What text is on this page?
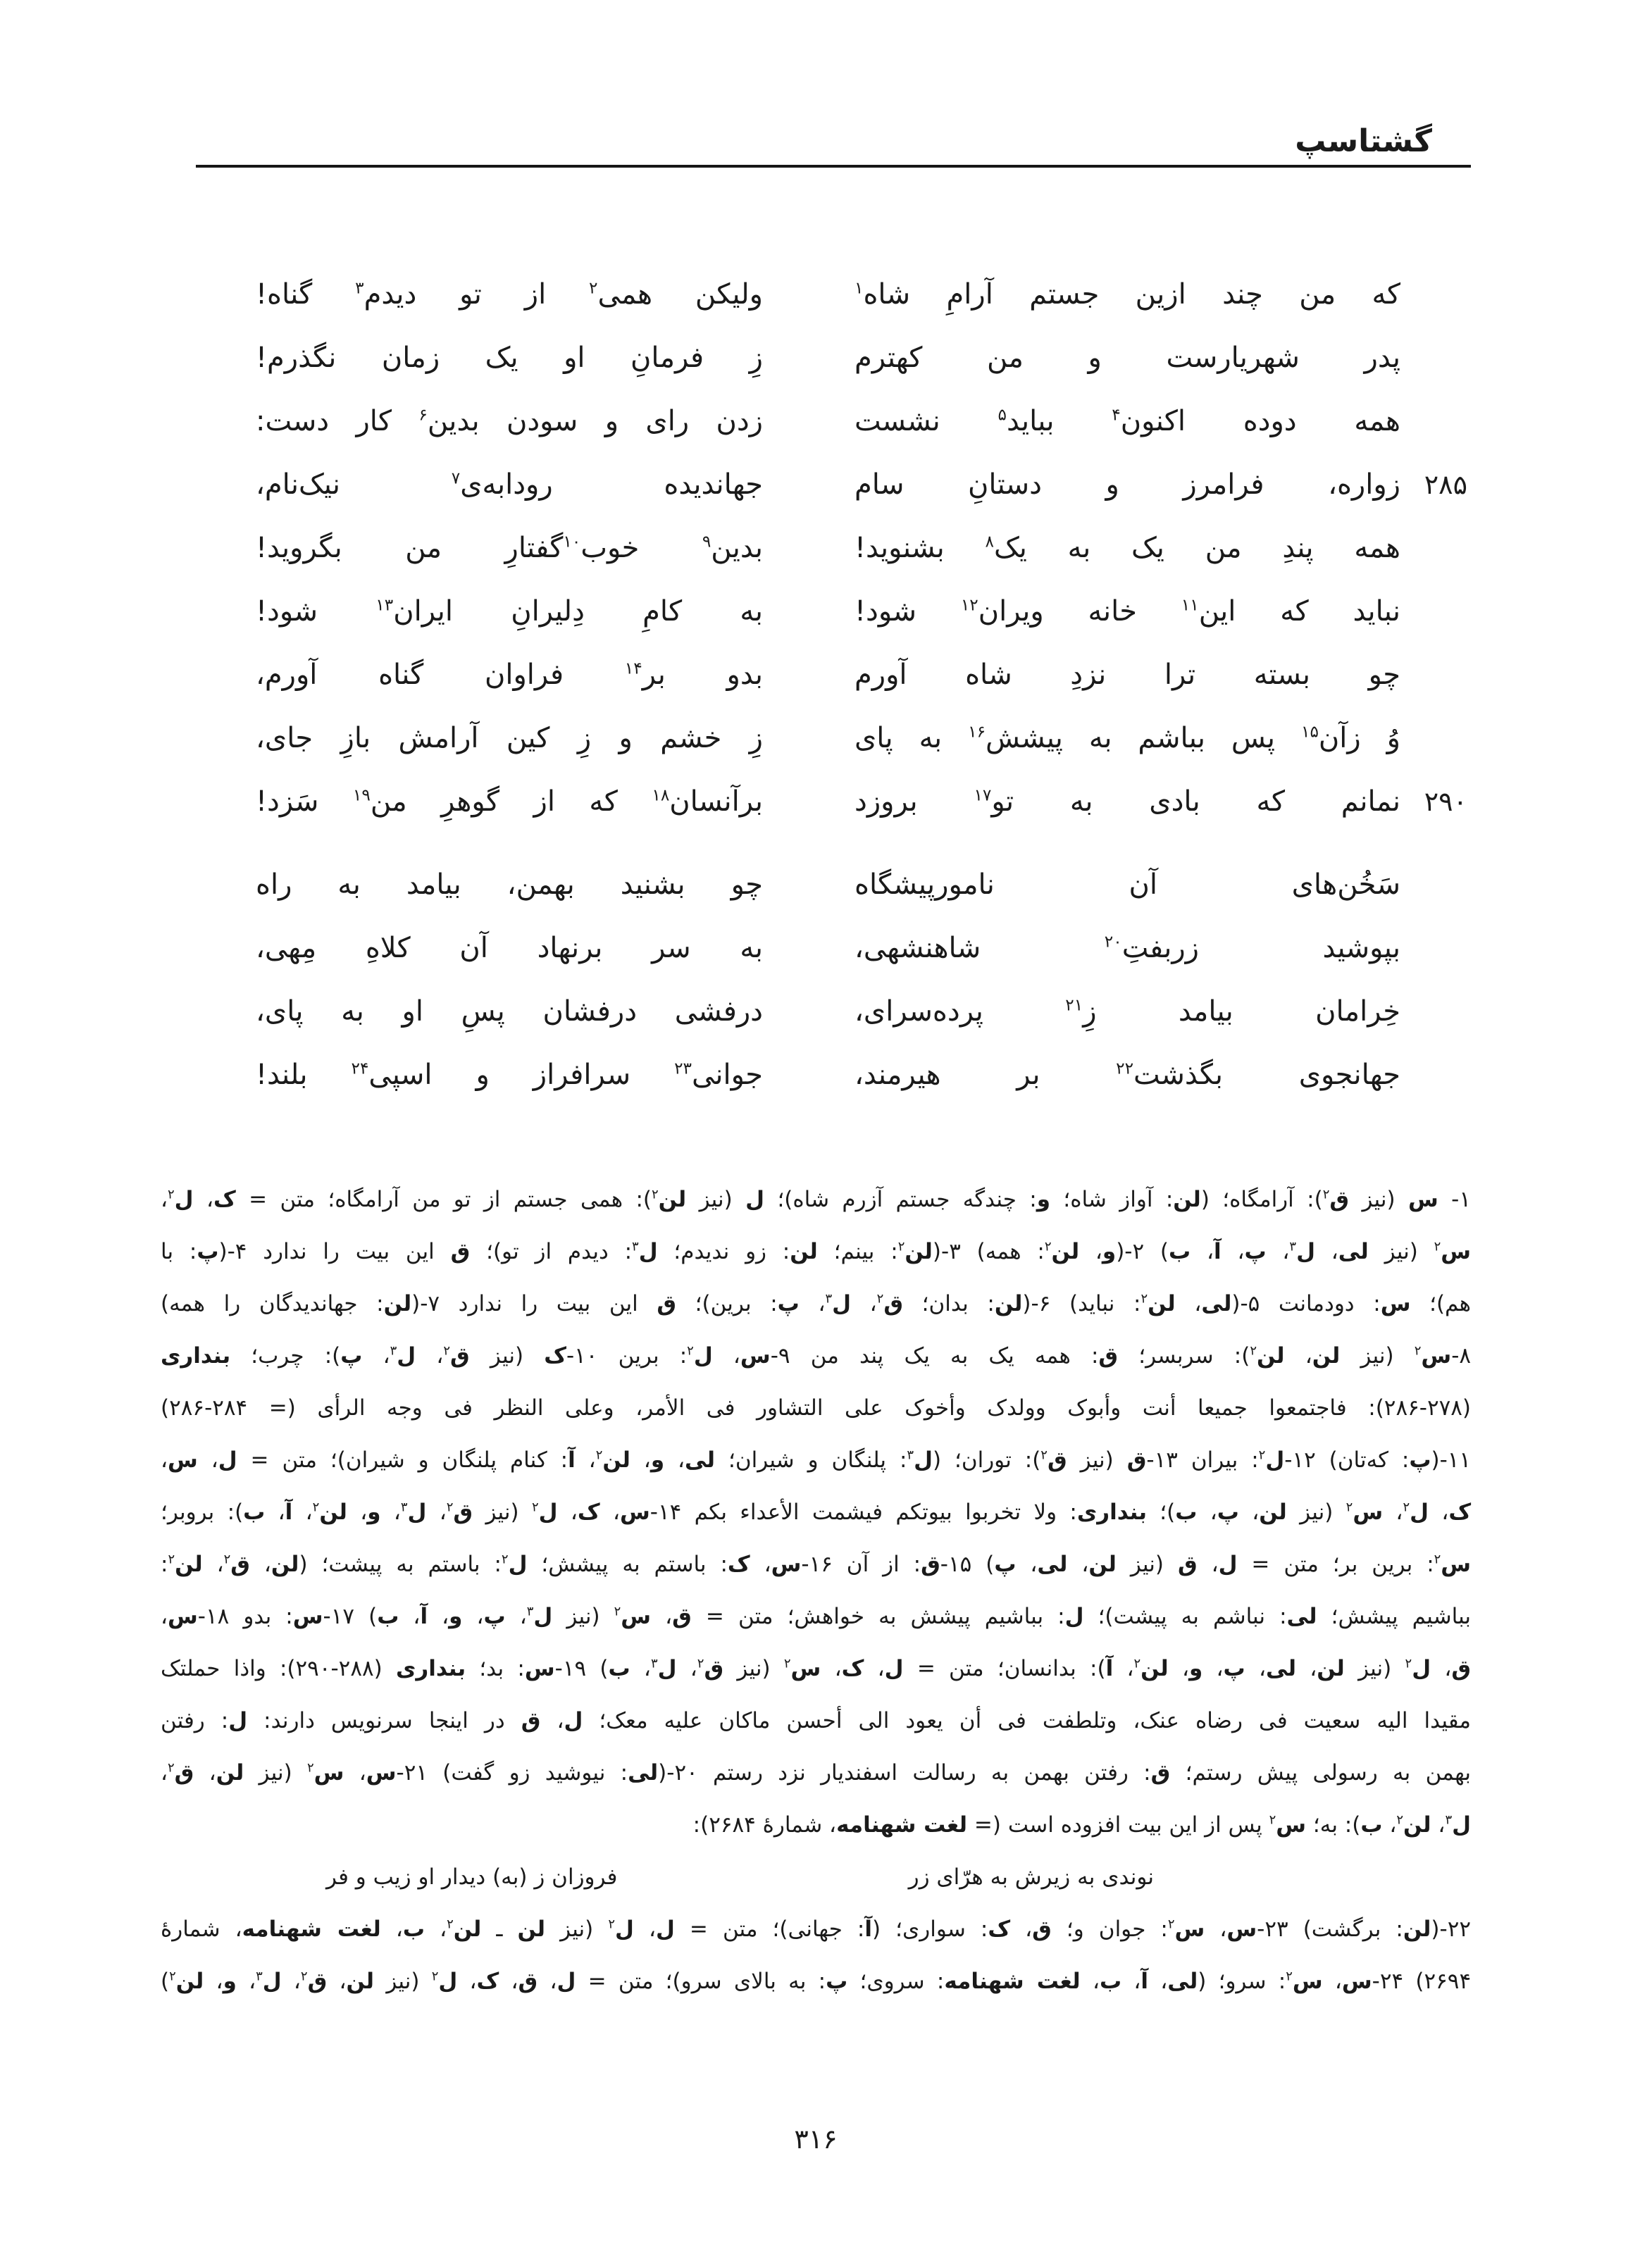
گشتاسپ
که من چند ازین جستم آرامِ شاه$^۱$
ولیکن همی$^۲$ از تو دیدم$^۳$ گناه!
پدر شهریارست و من کهترم
زِ فرمانِ او یک زمان نگذرم!
همه دوده اکنون$^۴$ بباید$^۵$ نشست
زدن رای و سودن بدین$^۶$ کار دست:
۲۸۵
زواره، فرامرز و دستانِ سام
جهاندیده رودابه‌ی$^۷$ نیک‌نام،
همه پندِ من یک به یک$^۸$ بشنوید!
بدین$^۹$ خوب$^{۱۰}$گفتارِ من بگروید!
نباید که این$^{۱۱}$ خانه ویران$^{۱۲}$ شود!
به کامِ دِلیرانِ ایران$^{۱۳}$ شود!
چو بسته ترا نزدِ شاه آورم
بدو بر$^{۱۴}$ فراوان گناه آورم،
وُ زآن$^{۱۵}$ پس بباشم به پیشش$^{۱۶}$ به پای
زِ خشم و زِ کین آرامش بازِ جای،
۲۹۰
نمانم که بادی به تو$^{۱۷}$ بروزد
برآنسان$^{۱۸}$ که از گوهرِ من$^{۱۹}$ سَزد!
سَخُن‌های آن نامورپیشگاه
چو بشنید بهمن، بیامد به راه
بپوشید زربفتِ$^{۲۰}$ شاهنشهی،
به سر برنهاد آن کلاهِ مِهی،
خِرامان بیامد زِ$^{۲۱}$ پرده‌سرای،
درفشی درفشان پسِ او به پای،
جهانجوی بگذشت$^{۲۲}$ بر هیرمند،
جوانی$^{۲۳}$ سرافراز و اسپی$^{۲۴}$ بلند!
۱- س (نیز ق$^۲$): آرامگاه؛ (لن: آواز شاه؛ و: چندگه جستم آزرم شاه)؛ ل (نیز لن$^۲$): همی جستم از تو من آرامگاه؛ متن = ک، ل$^۲$،
س$^۲$ (نیز لی، ل$^۳$، پ، آ، ب) ۲-(و، لن$^۲$: همه) ۳-(لن$^۲$: بینم؛ لن: زو ندیدم؛ ل$^۳$: دیدم از تو)؛ ق این بیت را ندارد ۴-(پ: با
هم)؛ س: دودمانت ۵-(لی، لن$^۲$: نباید) ۶-(لن: بدان؛ ق$^۲$، ل$^۳$، پ: برین)؛ ق این بیت را ندارد ۷-(لن: جهاندیدگان را همه)
۸-س$^۲$ (نیز لن، لن$^۲$): سربسر؛ ق: همه یک به یک پند من ۹-س، ل$^۲$: برین ۱۰-ک (نیز ق$^۲$، ل$^۳$، پ): چرب؛ بنداری
(۲۷۸‏-‏۲۸۶): فاجتمعوا جمیعا أنت وأبوک وولدک وأخوک علی التشاور فی الأمر، وعلی النظر فی وجه الرأی (= ۲۸۴‏-‏۲۸۶)
۱۱-(پ: که‌تان) ۱۲-ل$^۲$: بیران ۱۳-ق (نیز ق$^۲$): توران؛ (ل$^۳$: پلنگان و شیران؛ لی، و، لن$^۲$، آ: کنام پلنگان و شیران)؛ متن = ل، س،
ک، ل$^۲$، س$^۲$ (نیز لن، پ، ب)؛ بنداری: ولا تخربوا بیوتکم فیشمت الأعداء بکم ۱۴-س، ک، ل$^۲$ (نیز ق$^۲$، ل$^۳$، و، لن$^۲$، آ، ب): بروبر؛
س$^۲$: برین بر؛ متن = ل، ق (نیز لن، لی، پ) ۱۵-ق: از آن ۱۶-س، ک: باستم به پیشش؛ ل$^۲$: باستم به پیشت؛ (لن، ق$^۲$، لن$^۲$:
بباشیم پیشش؛ لی: نباشم به پیشت)؛ ل: بباشیم پیشش به خواهش؛ متن = ق، س$^۲$ (نیز ل$^۳$، پ، و، آ، ب) ۱۷-س: بدو ۱۸-س،
ق، ل$^۲$ (نیز لن، لی، پ، و، لن$^۲$، آ): بدانسان؛ متن = ل، ک، س$^۲$ (نیز ق$^۲$، ل$^۳$، ب) ۱۹-س: بد؛ بنداری (۲۸۸‏-‏۲۹۰): واذا حملتک
مقیدا الیه سعیت فی رضاه عنک، وتلطفت فی أن یعود الی أحسن ماکان علیه معک؛ ل، ق در اینجا سرنویس دارند: ل: رفتن
بهمن به رسولی پیش رستم؛ ق: رفتن بهمن به رسالت اسفندیار نزد رستم ۲۰-(لی: نیوشید زو گفت) ۲۱-س، س$^۲$ (نیز لن، ق$^۲$،
ل$^۳$، لن$^۲$، ب): به؛ س$^۲$ پس از این بیت افزوده است (= لغت شهنامه، شمارهٔ ۲۶۸۴):
نوندی به زیرش به هرّای زر
فروزان ز (به) دیدار او زیب و فر
۲۲-(لن: برگشت) ۲۳-س، س$^۲$: جوان و؛ ق، ک: سواری؛ (آ: جهانی)؛ متن = ل، ل$^۲$ (نیز لن ـ لن$^۲$، ب، لغت شهنامه، شمارهٔ
۲۶۹۴) ۲۴-س، س$^۲$: سرو؛ (لی، آ، ب، لغت شهنامه: سروی؛ پ: به بالای سرو)؛ متن = ل، ق، ک، ل$^۲$ (نیز لن، ق$^۲$، ل$^۳$، و، لن$^۲$)
۳۱۶
